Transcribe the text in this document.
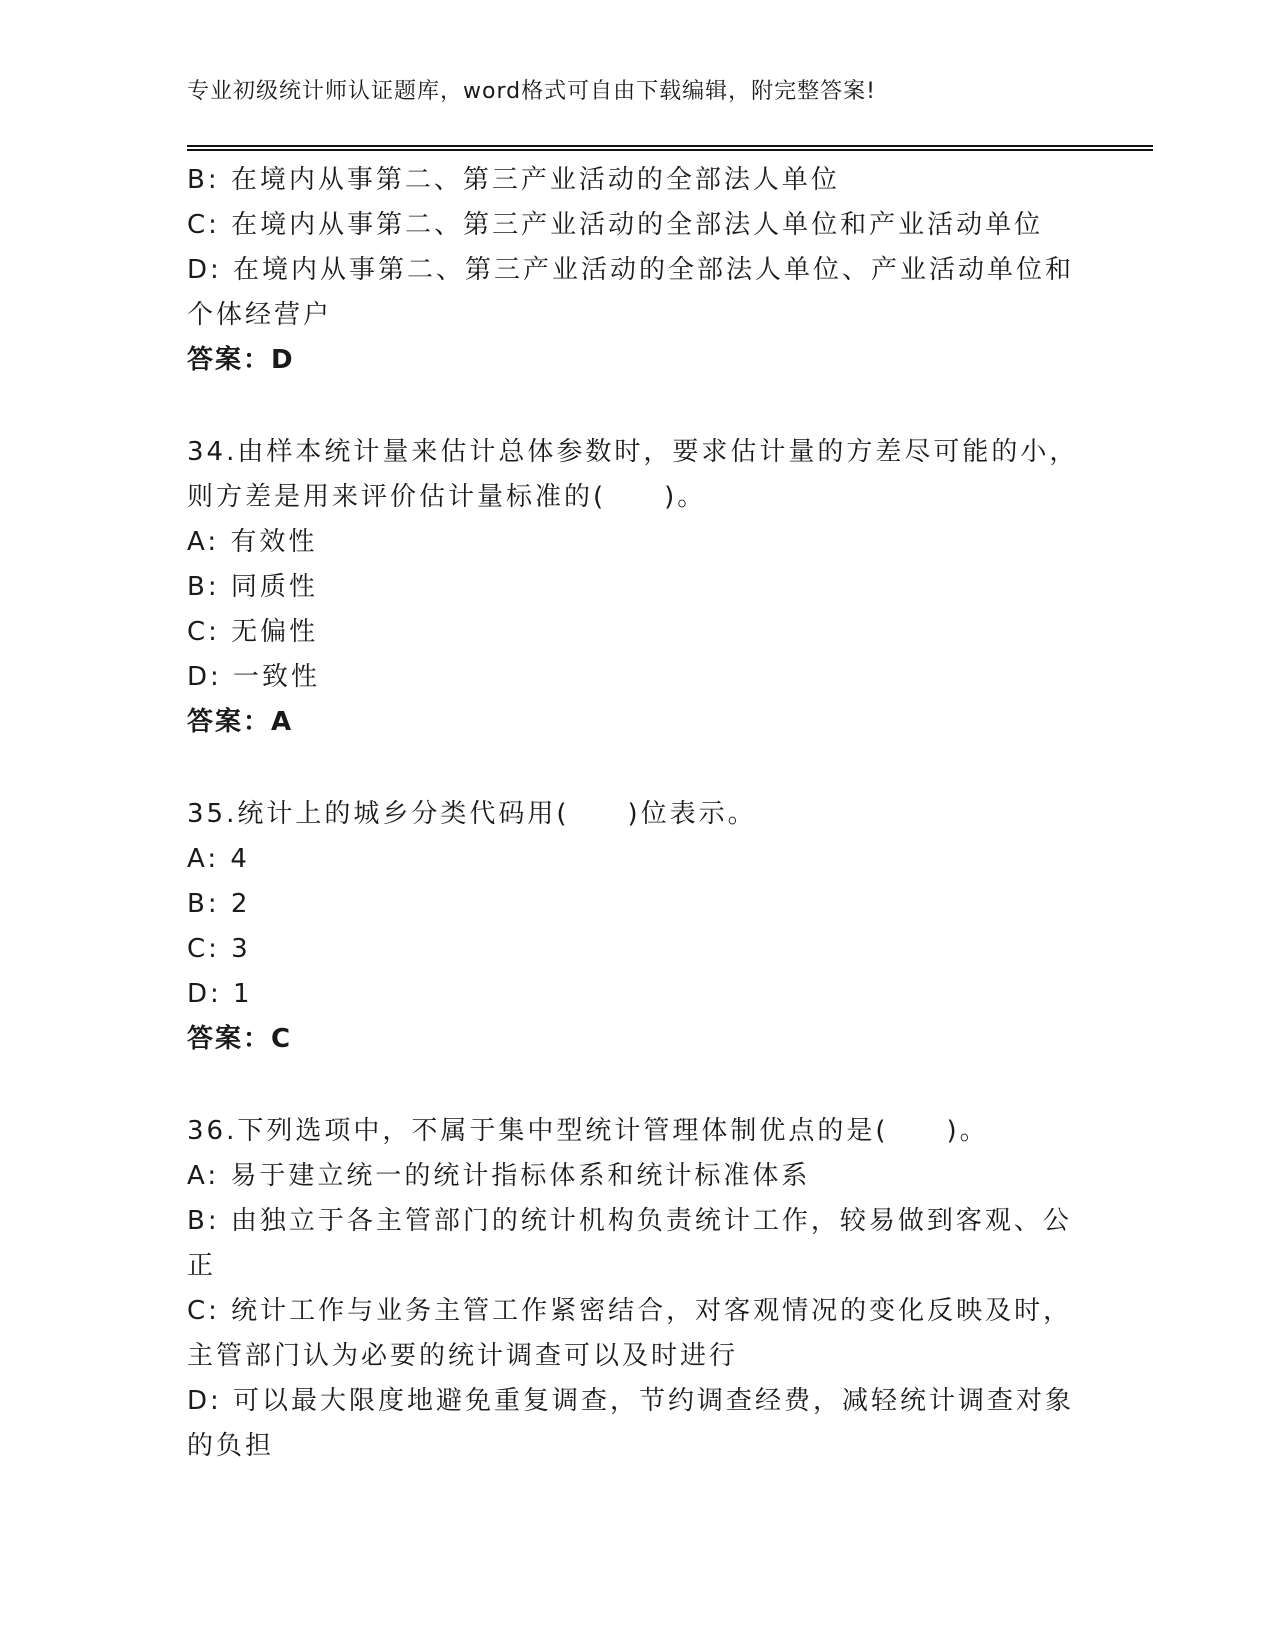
专业初级统计师认证题库，word格式可自由下载编辑，附完整答案!
B: 在境内从事第二、第三产业活动的全部法人单位
C: 在境内从事第二、第三产业活动的全部法人单位和产业活动单位
D: 在境内从事第二、第三产业活动的全部法人单位、产业活动单位和
个体经营户
答案：D
34.由样本统计量来估计总体参数时，要求估计量的方差尽可能的小，
则方差是用来评价估计量标准的(　　)。
A: 有效性
B: 同质性
C: 无偏性
D: 一致性
答案：A
35.统计上的城乡分类代码用(　　)位表示。
A: 4
B: 2
C: 3
D: 1
答案：C
36.下列选项中，不属于集中型统计管理体制优点的是(　　)。
A: 易于建立统一的统计指标体系和统计标准体系
B: 由独立于各主管部门的统计机构负责统计工作，较易做到客观、公
正
C: 统计工作与业务主管工作紧密结合，对客观情况的变化反映及时，
主管部门认为必要的统计调查可以及时进行
D: 可以最大限度地避免重复调查，节约调查经费，减轻统计调查对象
的负担
